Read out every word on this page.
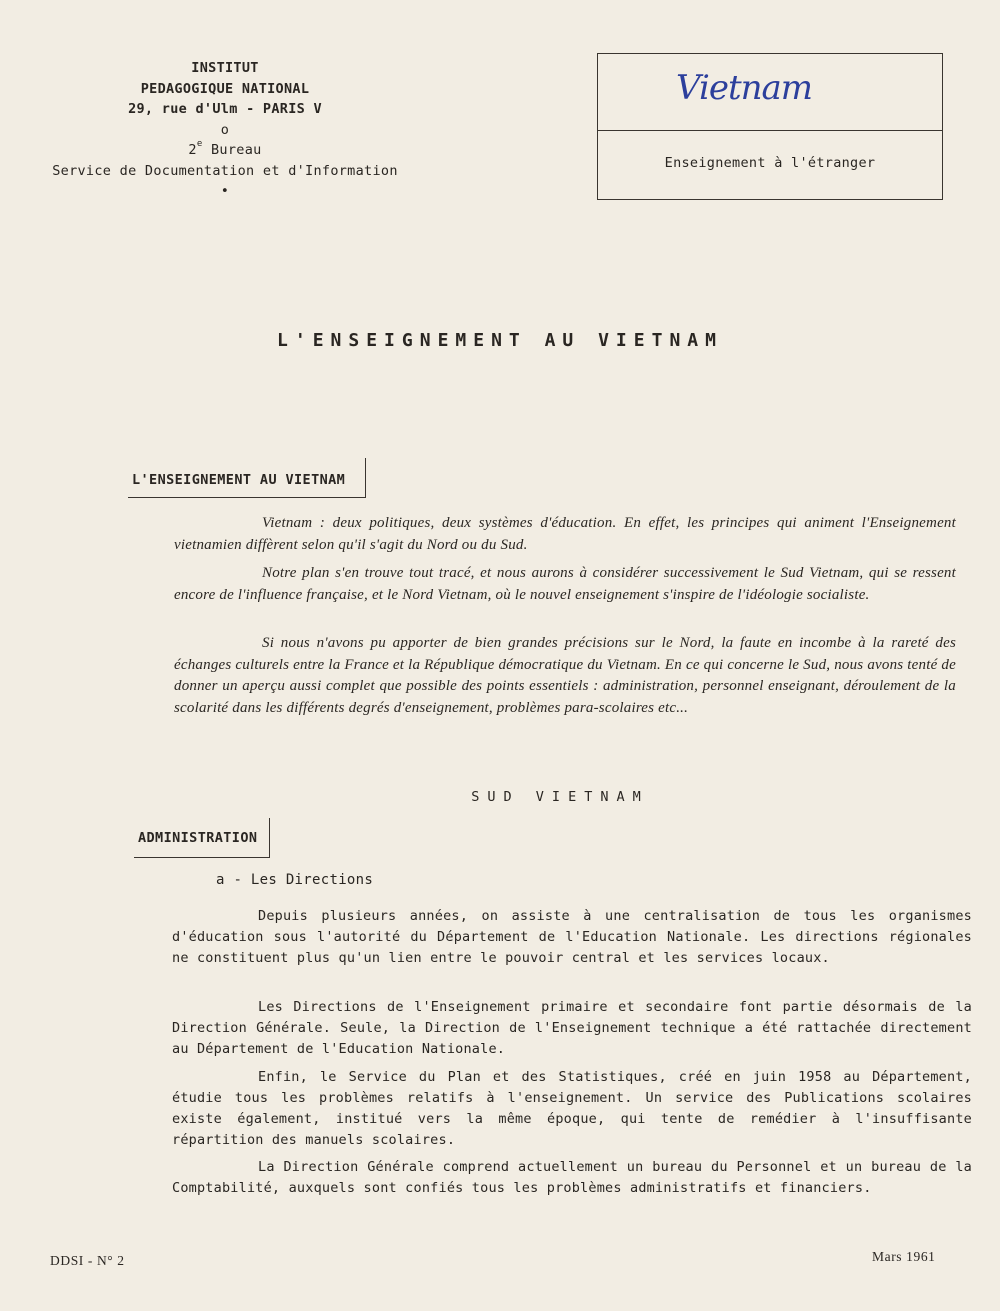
INSTITUT
PEDAGOGIQUE NATIONAL
29, rue d'Ulm - PARIS V
o
2e Bureau
Service de Documentation et d'Information
•
Vietnam
Enseignement à l'étranger
L'ENSEIGNEMENT AU VIETNAM
L'ENSEIGNEMENT AU VIETNAM

Vietnam : deux politiques, deux systèmes d'éducation. En effet, les principes qui animent l'Enseignement vietnamien diffèrent selon qu'il s'agit du Nord ou du Sud.

Notre plan s'en trouve tout tracé, et nous aurons à considérer successivement le Sud Vietnam, qui se ressent encore de l'influence française, et le Nord Vietnam, où le nouvel enseignement s'inspire de l'idéologie socialiste.

Si nous n'avons pu apporter de bien grandes précisions sur le Nord, la faute en incombe à la rareté des échanges culturels entre la France et la République démocratique du Vietnam. En ce qui concerne le Sud, nous avons tenté de donner un aperçu aussi complet que possible des points essentiels : administration, personnel enseignant, déroulement de la scolarité dans les différents degrés d'enseignement, problèmes para-scolaires etc...

SUD VIETNAM
ADMINISTRATION
a - Les Directions

Depuis plusieurs années, on assiste à une centralisation de tous les organismes d'éducation sous l'autorité du Département de l'Education Nationale. Les directions régionales ne constituent plus qu'un lien entre le pouvoir central et les services locaux.

Les Directions de l'Enseignement primaire et secondaire font partie désormais de la Direction Générale. Seule, la Direction de l'Enseignement technique a été rattachée directement au Département de l'Education Nationale.

Enfin, le Service du Plan et des Statistiques, créé en juin 1958 au Département, étudie tous les problèmes relatifs à l'enseignement. Un service des Publications scolaires existe également, institué vers la même époque, qui tente de remédier à l'insuffisante répartition des manuels scolaires.

La Direction Générale comprend actuellement un bureau du Personnel et un bureau de la Comptabilité, auxquels sont confiés tous les problèmes administratifs et financiers.

DDSI - N° 2	Mars 1961
